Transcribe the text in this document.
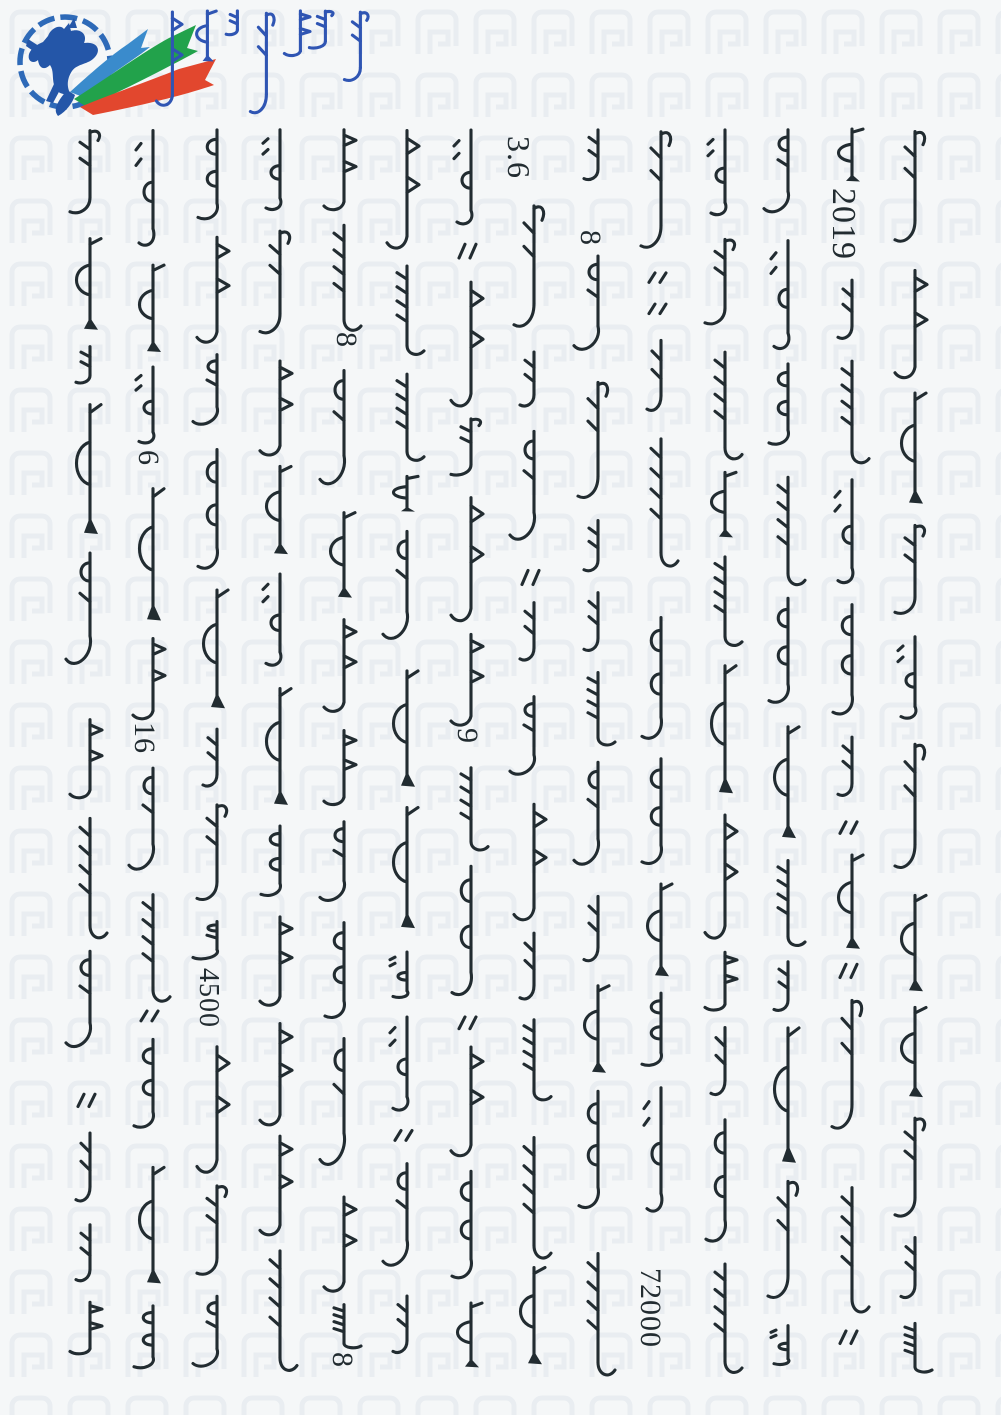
2019
8
3.6
8
6
9
16
4500
72000
8
